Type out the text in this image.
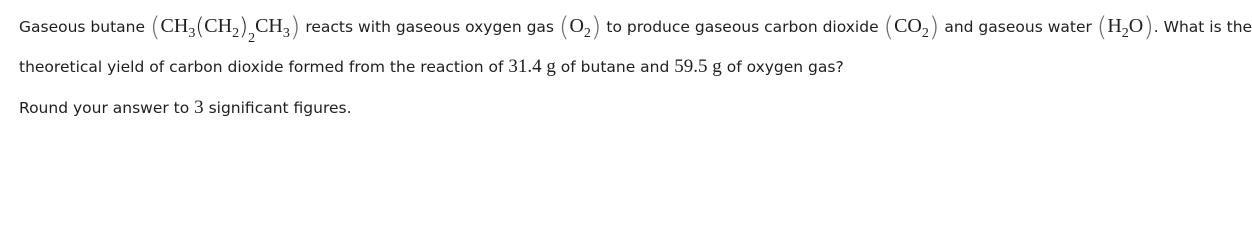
Gaseous butane $(CH_3(CH_2)_2CH_3)$ reacts with gaseous oxygen gas $(O_2)$ to produce gaseous carbon dioxide $(CO_2)$ and gaseous water $(H_2O)$. What is the
theoretical yield of carbon dioxide formed from the reaction of 31.4 g of butane and 59.5 g of oxygen gas?
Round your answer to 3 significant figures.
